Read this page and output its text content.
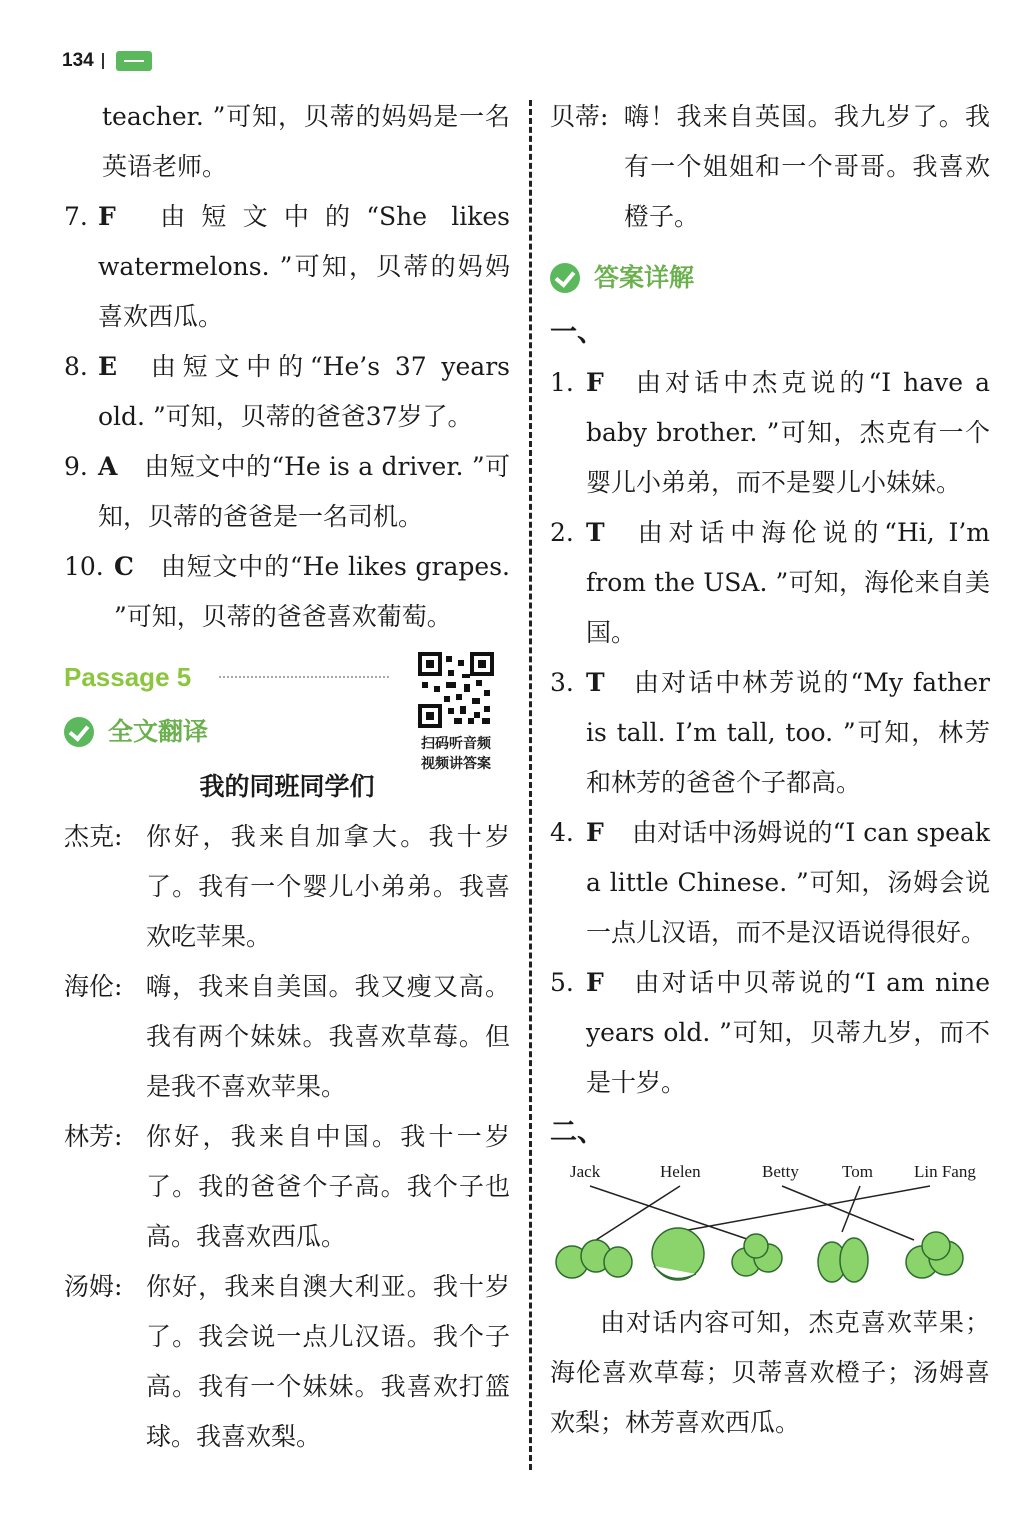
134

teacher. ”可知，贝蒂的妈妈是一名英语老师。

7. F 由短文中的“She likes watermelons. ”可知，贝蒂的妈妈喜欢西瓜。
8. E 由短文中的“He’s 37 years old. ”可知，贝蒂的爸爸37岁了。
9. A 由短文中的“He is a driver. ”可知，贝蒂的爸爸是一名司机。
10. C 由短文中的“He likes grapes. ”可知，贝蒂的爸爸喜欢葡萄。
Passage 5
全文翻译
我的同班同学们
杰克: 你好，我来自加拿大。我十岁了。我有一个婴儿小弟弟。我喜欢吃苹果。
海伦: 嗨，我来自美国。我又瘦又高。我有两个妹妹。我喜欢草莓。但是我不喜欢苹果。
林芳: 你好，我来自中国。我十一岁了。我的爸爸个子高。我个子也高。我喜欢西瓜。
汤姆: 你好，我来自澳大利亚。我十岁了。我会说一点儿汉语。我个子高。我有一个妹妹。我喜欢打篮球。我喜欢梨。
扫码听音频
视频讲答案
贝蒂: 嗨！我来自英国。我九岁了。我有一个姐姐和一个哥哥。我喜欢橙子。
答案详解
一、
1. F 由对话中杰克说的“I have a baby brother. ”可知，杰克有一个婴儿小弟弟，而不是婴儿小妹妹。
2. T 由对话中海伦说的“Hi, I’m from the USA. ”可知，海伦来自美国。
3. T 由对话中林芳说的“My father is tall. I’m tall, too. ”可知，林芳和林芳的爸爸个子都高。
4. F 由对话中汤姆说的“I can speak a little Chinese. ”可知，汤姆会说一点儿汉语，而不是汉语说得很好。
5. F 由对话中贝蒂说的“I am nine years old. ”可知，贝蒂九岁，而不是十岁。
二、
Jack	Helen	Betty	Tom Lin Fang

由对话内容可知，杰克喜欢苹果；海伦喜欢草莓；贝蒂喜欢橙子；汤姆喜欢梨；林芳喜欢西瓜。
